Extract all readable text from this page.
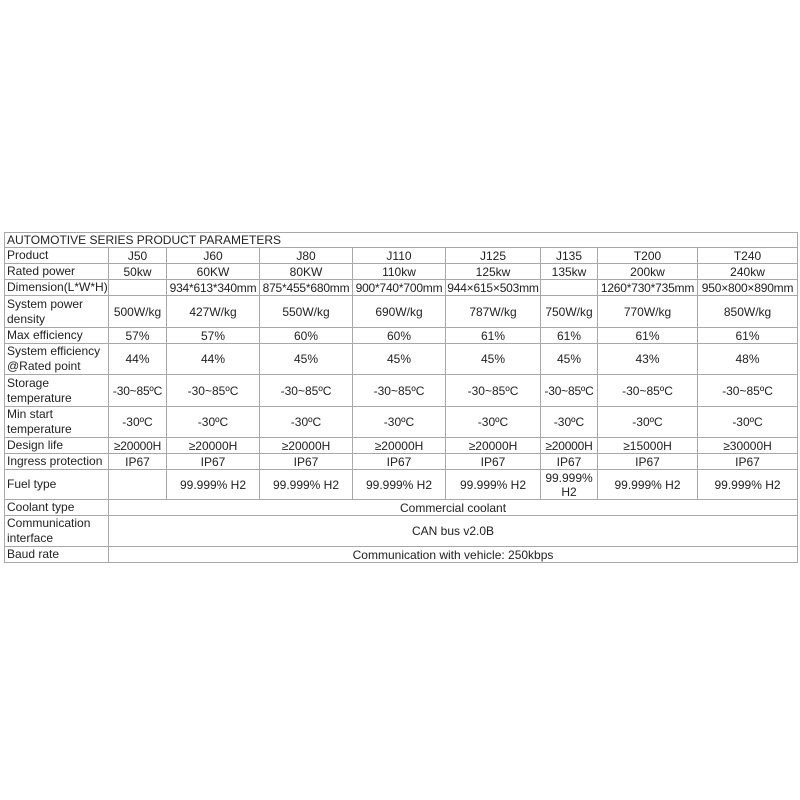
AUTOMOTIVE SERIES PRODUCT PARAMETERS								
Product	J50	J60	J80	J110	J125	J135	T200	T240
Rated power	50kw	60KW	80KW	110kw	125kw	135kw	200kw	240kw
Dimension(L*W*H)		934*613*340mm	875*455*680mm	900*740*700mm	944×615×503mm		1260*730*735mm	950×800×890mm
System power density	500W/kg	427W/kg	550W/kg	690W/kg	787W/kg	750W/kg	770W/kg	850W/kg
Max efficiency	57%	57%	60%	60%	61%	61%	61%	61%
System efficiency @Rated point	44%	44%	45%	45%	45%	45%	43%	48%
Storage temperature	-30~85ºC	-30~85ºC	-30~85ºC	-30~85ºC	-30~85ºC	-30~85ºC	-30~85ºC	-30~85ºC
Min start temperature	-30ºC	-30ºC	-30ºC	-30ºC	-30ºC	-30ºC	-30ºC	-30ºC
Design life	≥20000H	≥20000H	≥20000H	≥20000H	≥20000H	≥20000H	≥15000H	≥30000H
Ingress protection	IP67	IP67	IP67	IP67	IP67	IP67	IP67	IP67
Fuel type		99.999% H2	99.999% H2	99.999% H2	99.999% H2	99.999% H2	99.999% H2	99.999% H2
Coolant type	Commercial coolant							
Communication interface	CAN bus v2.0B							
Baud rate	Communication with vehicle: 250kbps							
